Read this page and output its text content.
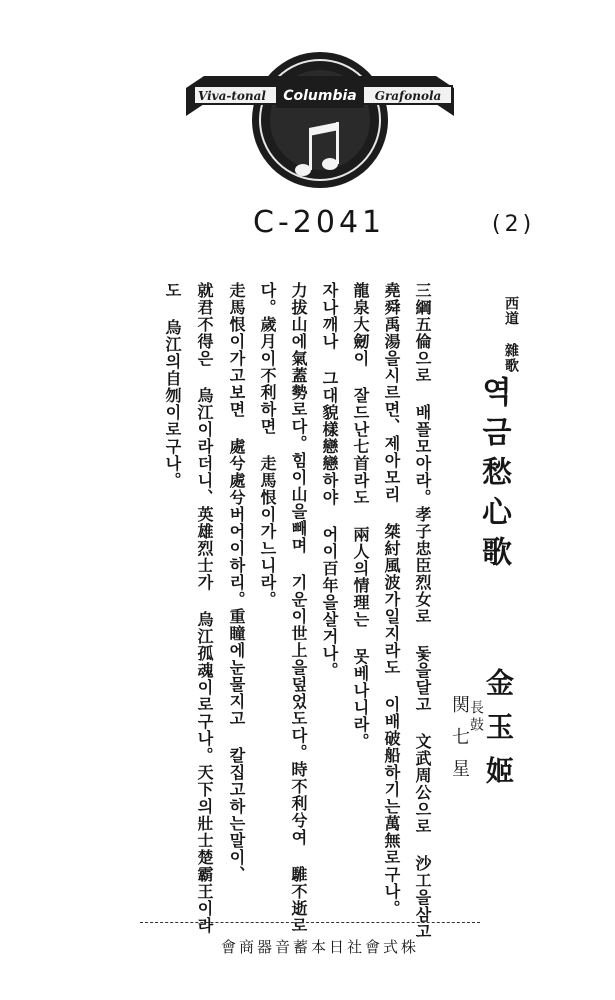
Viva-tonal Columbia Grafonola
C-2041	(2)
西道 雜歌
역금愁心歌
金玉姬
長鼓
関七星
三綱五倫으로 배플모아라。孝子忠臣烈女로 돛을달고 文武周公으로 沙工을삼고
堯舜禹湯을시르면、제아모리 桀紂風波가일지라도 이배破船하기는萬無로구나。
龍泉大劒이 잘드난七首라도 兩人의情理는 못베나니라。
자나깨나 그대貌樣戀戀하야 어이百年을살거나。
力拔山에氣蓋勢로다。힘이山을빼며 기운이世上을덮었도다。時不利兮여 騅不逝로
다。歲月이不利하면 走馬恨이가느니라。
走馬恨이가고보면 處兮處兮버어이하리。重瞳에눈물지고 칼집고하는말이、
就君不得은 烏江이라더니、英雄烈士가 烏江孤魂이로구나。天下의壯士楚霸王이라
도 烏江의自刎이로구나。
株式會社日本蓄音器商會
